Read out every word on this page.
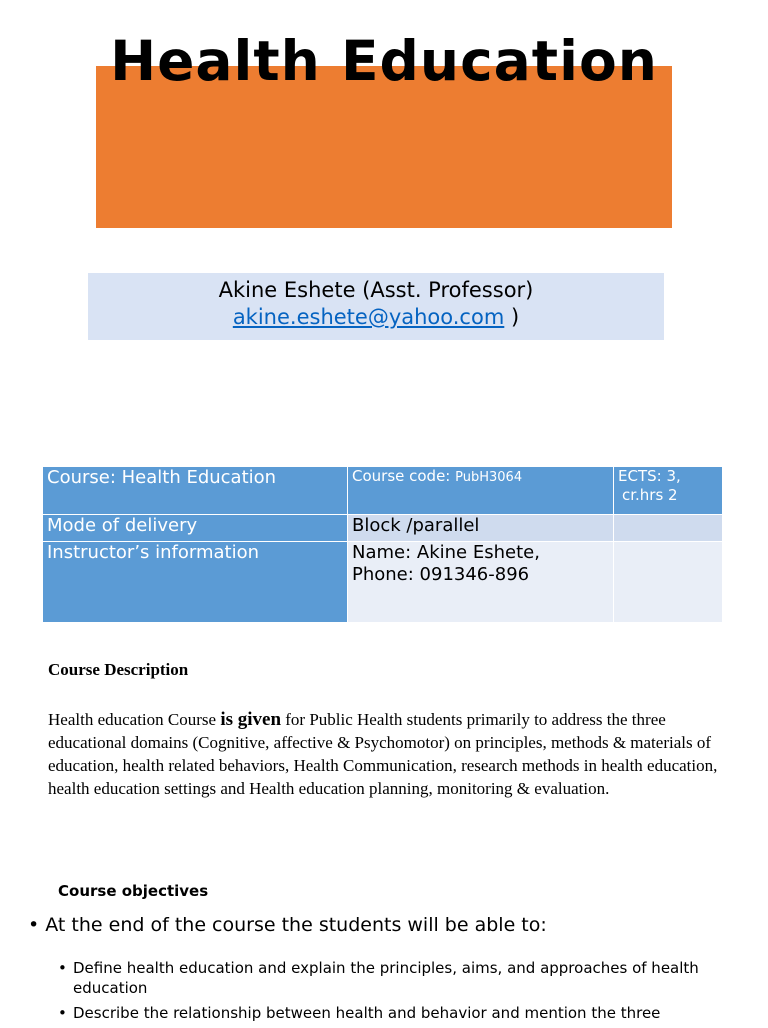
Health Education
Akine Eshete (Asst. Professor)
akine.eshete@yahoo.com )
Course: Health Education	Course code: PubH3064	ECTS: 3,
cr.hrs 2

Mode of delivery	Block /parallel	
Instructor’s information	Name: Akine Eshete,
Phone: 091346-896	

Course Description

Health education Course is given for Public Health students primarily to address the three educational domains (Cognitive, affective & Psychomotor) on principles, methods & materials of education, health related behaviors, Health Communication, research methods in health education, health education settings and Health education planning, monitoring & evaluation.

Course objectives
• At the end of the course the students will be able to:
• Define health education and explain the principles, aims, and approaches of health education
• Describe the relationship between health and behavior and mention the three
